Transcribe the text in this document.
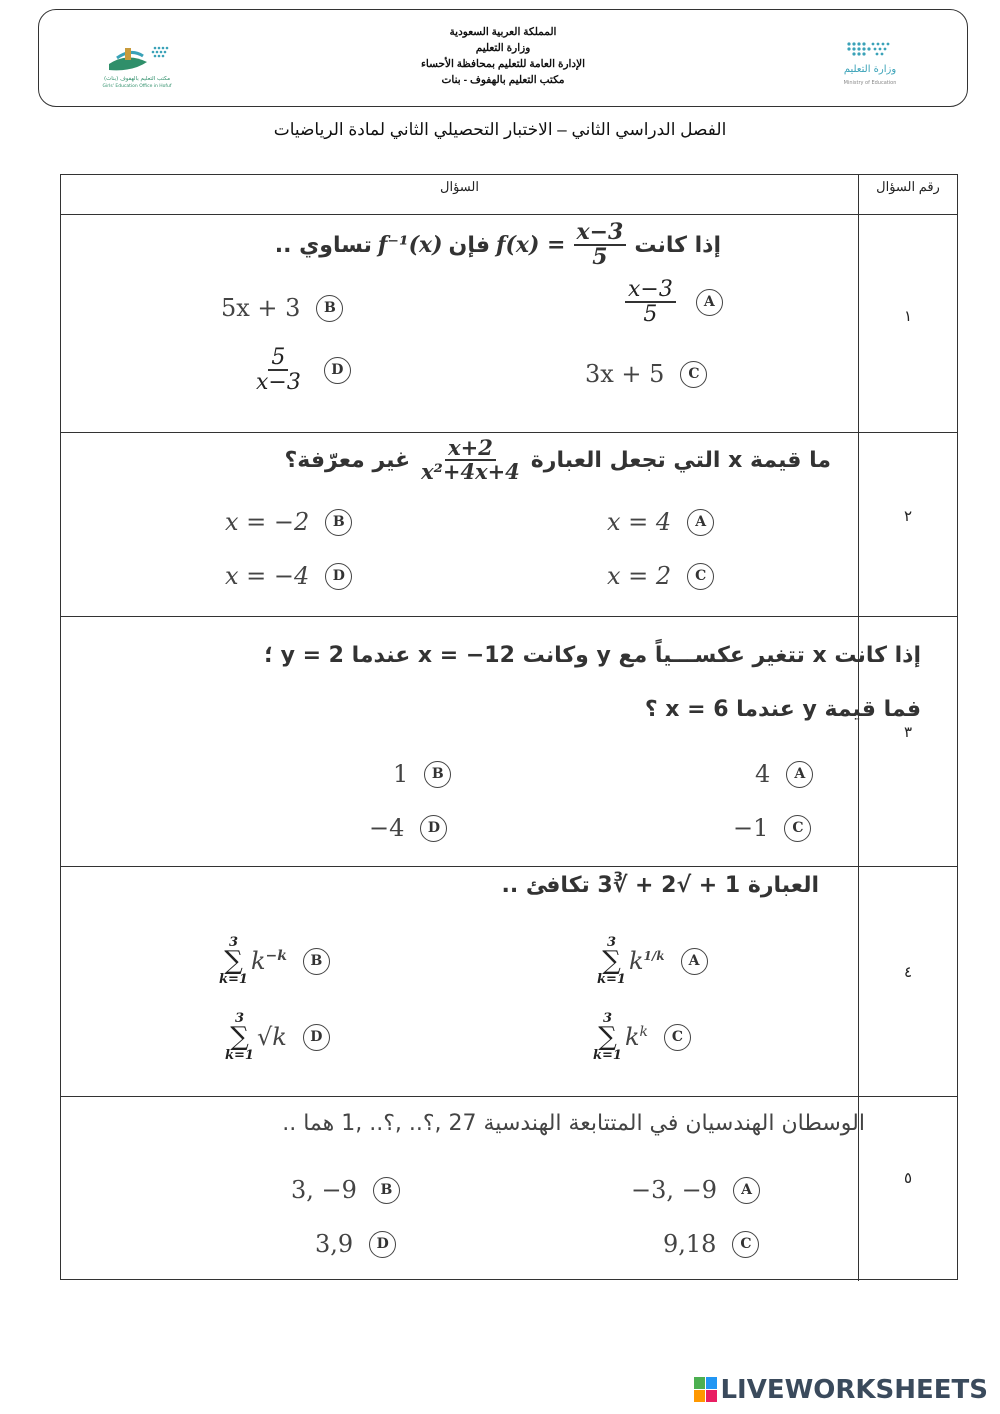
المملكة العربية السعودية
وزارة التعليم
الإدارة العامة للتعليم بمحافظة الأحساء
مكتب التعليم بالهفوف - بنات
وزارة التعليم
Ministry of Education
مكتب التعليم بالهفوف (بنات)
Girls' Education Office in Hofuf
الفصل الدراسي الثاني – الاختبار التحصيلي الثاني لمادة الرياضيات
السؤال	رقم السؤال
١
إذا كانت
$\frac{x-3}{5}$
f(x) =
فإن
f⁻¹(x)
تساوي ..
$\frac{x-3}{5}$	A
5x + 3	B
3x + 5	C
$\frac{5}{x-3}$	D
٢
ما قيمة x التي تجعل العبارة
$\frac{x+2}{\text{x²+4x+4}}$
غير معرّفة؟
x = 4	A
x = −2	B
x = 2	C
x = −4	D
٣
إذا كانت x تتغير عكســـياً مع y وكانت x = −12 عندما y = 2 ؛
فما قيمة y عندما x = 6 ؟
4	A
1	B
−1	C
−4	D
٤
العبارة 1 + √2 + ∛3 تكافئ ..
3
∑
k=1
$k^{1/k}$	A
3
∑
k=1
$k^{-k}$	B
3
∑
k=1
$k^k$	C
3
∑
k=1
√k	D
٥
الوسطان الهندسيان في المتتابعة الهندسية 27 ,؟.. ,؟.. ,1 هما ..
−3, −9	A
3, −9	B
9,18	C
3,9	D
LIVEWORKSHEETS
